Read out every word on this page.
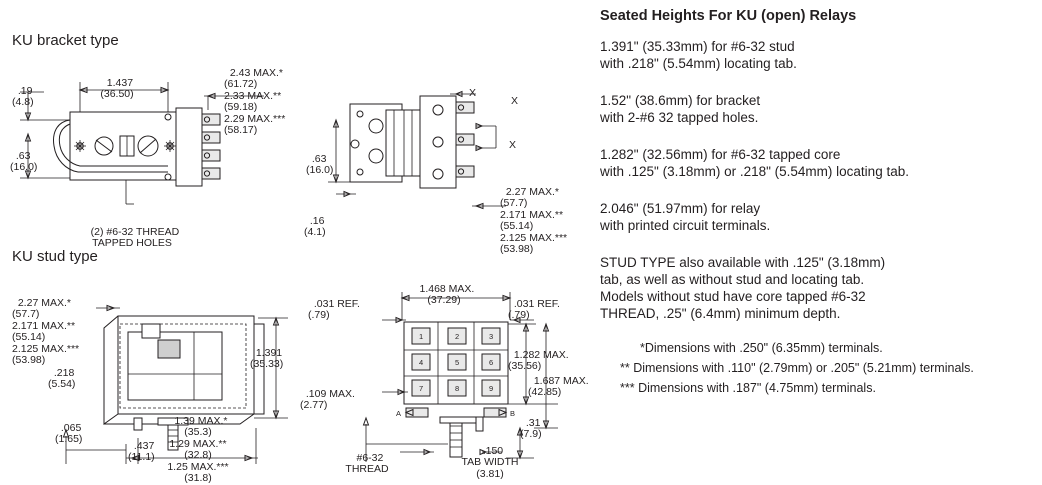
KU bracket type
KU stud type

1.437
(36.50)

.19
(4.8)

.63
(16.0)

2.43 MAX.*
(61.72)
2.33 MAX.**
(59.18)
2.29 MAX.***
(58.17)

(2) #6-32 THREAD
TAPPED HOLES

.63
(16.0)

.16
(4.1)

X
X
X

2.27 MAX.*
(57.7)
2.171 MAX.**
(55.14)
2.125 MAX.***
(53.98)

2.27 MAX.*
(57.7)
2.171 MAX.**
(55.14)
2.125 MAX.***
(53.98)

.218
(5.54)

.065
(1.65)

.437
(11.1)

1.39 MAX.*
(35.3)
1.29 MAX.**
(32.8)
1.25 MAX.***
(31.8)

1.391
(35.33)

1	2	3
4	5	6
7	8	9
A	B

1.468 MAX.
(37.29)

.031 REF.
(.79)

.031 REF.
(.79)

.109 MAX.
(2.77)

1.282 MAX.
(35.56)

1.687 MAX.
(42.85)

.31
(7.9)

.150
TAB WIDTH
(3.81)

#6-32
THREAD

Seated Heights For KU (open) Relays
1.391" (35.33mm) for #6-32 stud
with .218" (5.54mm) locating tab.
1.52" (38.6mm) for bracket
with 2-#6 32 tapped holes.
1.282" (32.56mm) for #6-32 tapped core
with .125" (3.18mm) or .218" (5.54mm) locating tab.
2.046" (51.97mm) for relay
with printed circuit terminals.
STUD TYPE also available with .125" (3.18mm)
tab, as well as without stud and locating tab.
Models without stud have core tapped #6-32
THREAD, .25" (6.4mm) minimum depth.
*Dimensions with .250" (6.35mm) terminals.
** Dimensions with .110" (2.79mm) or .205" (5.21mm) terminals.
*** Dimensions with .187" (4.75mm) terminals.
